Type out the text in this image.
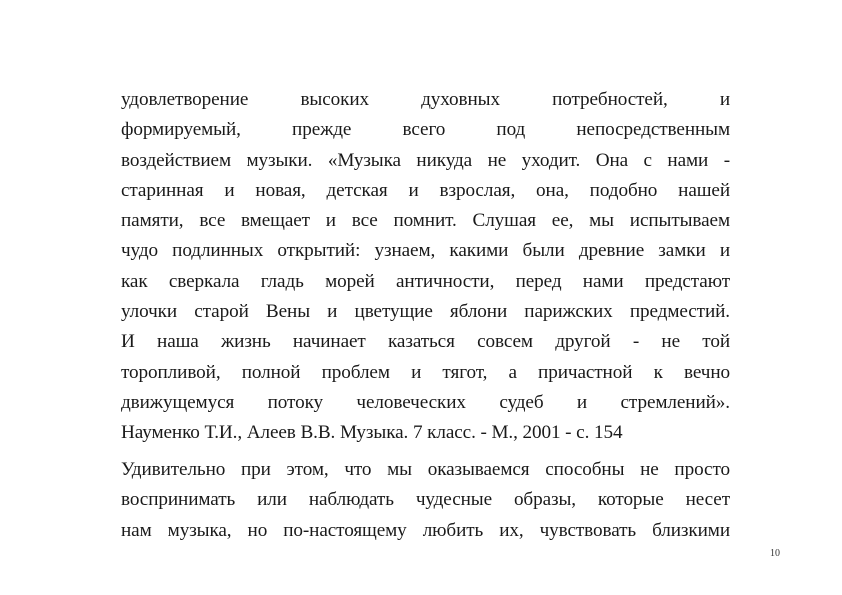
удовлетворение высоких духовных потребностей, и
формируемый, прежде всего под непосредственным
воздействием музыки. «Музыка никуда не уходит. Она с нами -
старинная и новая, детская и взрослая, она, подобно нашей
памяти, все вмещает и все помнит. Слушая ее, мы испытываем
чудо подлинных открытий: узнаем, какими были древние замки и
как сверкала гладь морей античности, перед нами предстают
улочки старой Вены и цветущие яблони парижских предместий.
И наша жизнь начинает казаться совсем другой - не той
торопливой, полной проблем и тягот, а причастной к вечно
движущемуся потоку человеческих судеб и стремлений».
Науменко Т.И., Алеев В.В. Музыка. 7 класс. - М., 2001 - с. 154
Удивительно при этом, что мы оказываемся способны не просто
воспринимать или наблюдать чудесные образы, которые несет
нам музыка, но по-настоящему любить их, чувствовать близкими
10
